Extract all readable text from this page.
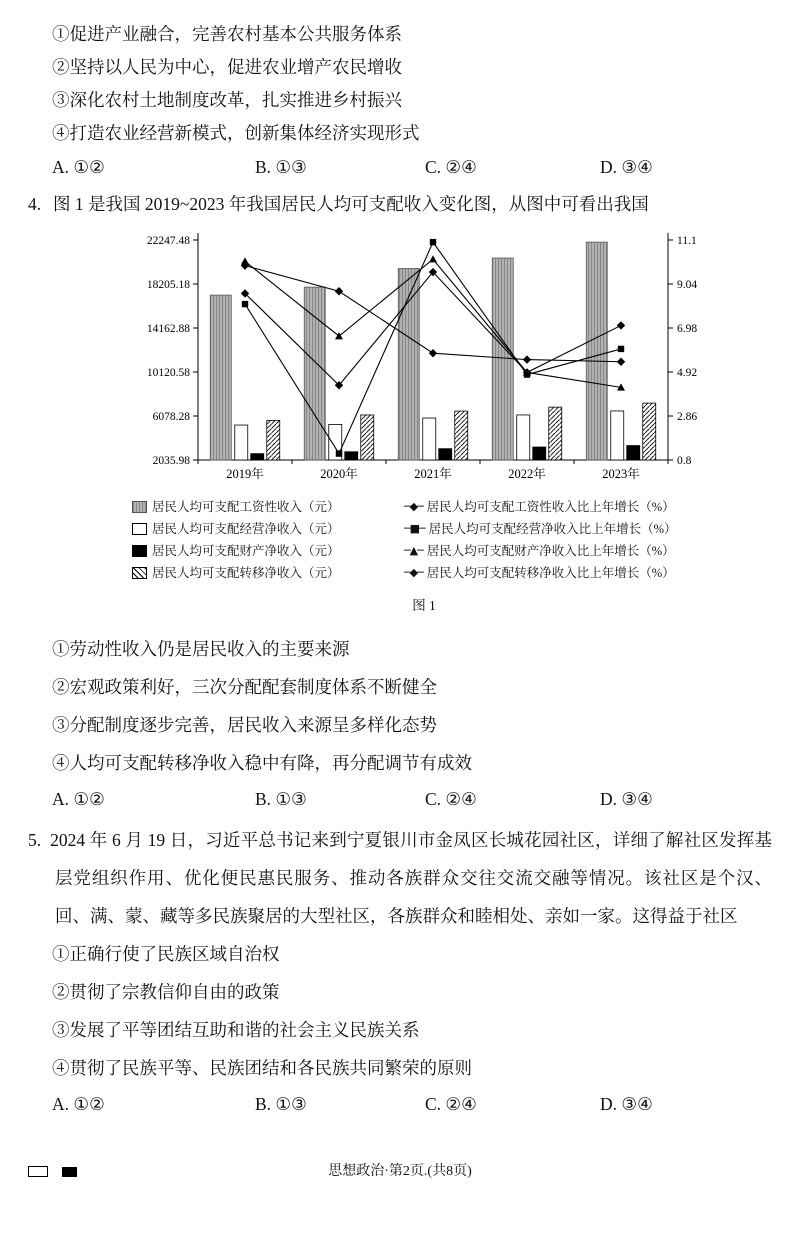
①促进产业融合，完善农村基本公共服务体系
②坚持以人民为中心，促进农业增产农民增收
③深化农村土地制度改革，扎实推进乡村振兴
④打造农业经营新模式，创新集体经济实现形式
A. ①②	B. ①③	C. ②④	D. ③④
4. 图 1 是我国 2019~2023 年我国居民人均可支配收入变化图，从图中可看出我国
2035.98
6078.28
10120.58
14162.88
18205.18
22247.48
0.8
2.86
4.92
6.98
9.04
11.1
2019年	2020年	2021年	2022年	2023年
居民人均可支配工资性收入（元）
居民人均可支配经营净收入（元）
居民人均可支配财产净收入（元）
居民人均可支配转移净收入（元）
─◆─ 居民人均可支配工资性收入比上年增长（%）
─■─ 居民人均可支配经营净收入比上年增长（%）
─▲─ 居民人均可支配财产净收入比上年增长（%）
─◆─ 居民人均可支配转移净收入比上年增长（%）
图 1
①劳动性收入仍是居民收入的主要来源
②宏观政策利好，三次分配配套制度体系不断健全
③分配制度逐步完善，居民收入来源呈多样化态势
④人均可支配转移净收入稳中有降，再分配调节有成效
A. ①②	B. ①③	C. ②④	D. ③④
5. 2024 年 6 月 19 日，习近平总书记来到宁夏银川市金凤区长城花园社区，详细了解社区发挥基层党组织作用、优化便民惠民服务、推动各族群众交往交流交融等情况。该社区是个汉、回、满、蒙、藏等多民族聚居的大型社区，各族群众和睦相处、亲如一家。这得益于社区
①正确行使了民族区域自治权
②贯彻了宗教信仰自由的政策
③发展了平等团结互助和谐的社会主义民族关系
④贯彻了民族平等、民族团结和各民族共同繁荣的原则
A. ①②	B. ①③	C. ②④	D. ③④
思想政治·第2页.(共8页)
